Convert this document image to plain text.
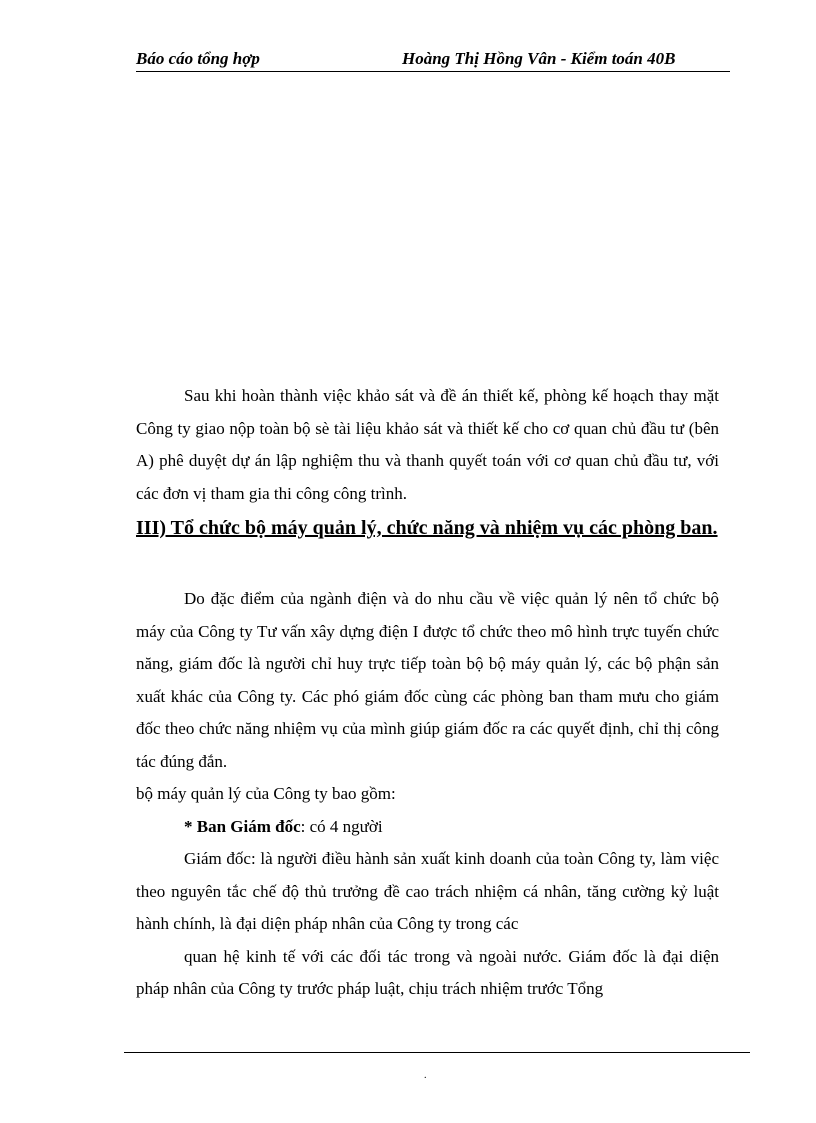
Báo cáo tổng hợp	Hoàng Thị Hồng Vân - Kiểm toán 40B

Sau khi hoàn thành việc khảo sát và đề án thiết kế, phòng kế hoạch thay mặt Công ty giao nộp toàn bộ sè tài liệu khảo sát và thiết kế cho cơ quan chủ đầu tư (bên A) phê duyệt dự án lập nghiệm thu và thanh quyết toán với cơ quan chủ đầu tư, với các đơn vị tham gia thi công công trình.

III) Tổ chức bộ máy quản lý, chức năng và nhiệm vụ các phòng ban.

Do đặc điểm của ngành điện và do nhu cầu về việc quản lý nên tổ chức bộ máy của Công ty Tư vấn xây dựng điện I được tổ chức theo mô hình trực tuyến chức năng, giám đốc là người chỉ huy trực tiếp toàn bộ bộ máy quản lý, các bộ phận sản xuất khác của Công ty. Các phó giám đốc cùng các phòng ban tham mưu cho giám đốc theo chức năng nhiệm vụ của mình giúp giám đốc ra các quyết định, chỉ thị công tác đúng đắn.

bộ máy quản lý của Công ty bao gồm:

* Ban Giám đốc: có 4 người

Giám đốc: là người điều hành sản xuất kinh doanh của toàn Công ty, làm việc theo nguyên tắc chế độ thủ trưởng đề cao trách nhiệm cá nhân, tăng cường kỷ luật hành chính, là đại diện pháp nhân của Công ty trong các

quan hệ kinh tế với các đối tác trong và ngoài nước. Giám đốc là đại diện pháp nhân của Công ty trước pháp luật, chịu trách nhiệm trước Tổng

.
